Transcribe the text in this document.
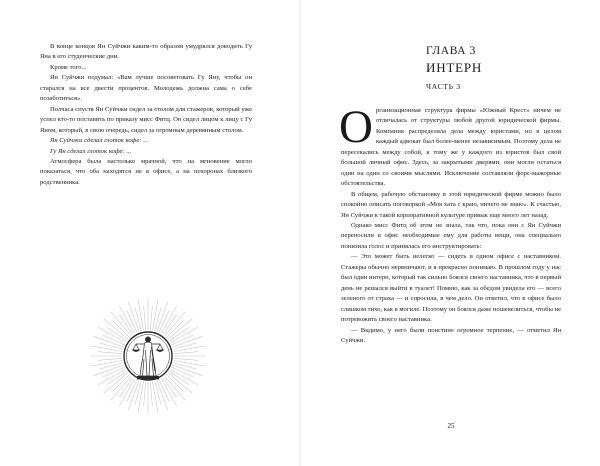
В конце концов Ян Суйчжи каким-то образом умудрялся доводить Гу Яна в его студенческие дни.

Кроме того...

Ян Суйчжи подумал: «Вам лучше посоветовать Гу Яну, чтобы он старался на все двести процентов. Молодежь должна сама о себе позаботиться».

Полчаса спустя Ян Суйчжи сидел за столом для стажеров, который уже успел кто-то поставить по приказу мисс Фитц. Он сидел лицом к лицу с Гу Яном, который, в свою очередь, сидел за огромным деревянным столом.

Ян Суйчжи сделал глоток кофе: ...

Гу Ян сделал глоток кофе: ...

Атмосфера была настолько мрачной, что на мгновение могло показаться, что оба находятся не в офисе, а на похоронах близкого родственника.

ГЛАВА 3
ИНТЕРН
ЧАСТЬ 3

Организационная структура фирмы «Южный Крест» ничем не отличалась от структуры любой другой юридической фирмы. Компания распределяла дела между юристами, но в целом каждый адвокат был более-менее независимым. Поэтому дела не пересекались между собой, к тому же у каждого из юристов был свой большой личный офис. Здесь, за закрытыми дверями, они могли остаться один на один со своими мыслями. Исключение составляли форс-мажорные обстоятельства.

В общем, рабочую обстановку в этой юридической фирме можно было спокойно описать поговоркой «Моя хата с краю, ничего не знаю». К счастью, Ян Суйчжи к такой корпоративной культуре привык еще много лет назад.

Однако мисс Фитц об этом не знала, так что, пока они с Ян Суйчжи переносили в офис необходимые ему для работы вещи, она специально понизила голос и принялась его инструктировать:

— Это может быть нелегко — сидеть в одном офисе с наставником. Стажеры обычно нервничают, и я прекрасно понимаю. В прошлом году у нас был один интерн, который так сильно боялся своего наставника, что в первый день не решался выйти в туалет! Помню, как за обедом увидела его — всего зеленого от страха — и спросила, в чем дело. Он ответил, что в офисе было слишком тихо, как в могиле. Поэтому он боялся даже пошевелиться, чтобы не потревожить своего наставника.

— Видимо, у него были поистине огромное терпение, — отметил Ян Суйчжи.

25
